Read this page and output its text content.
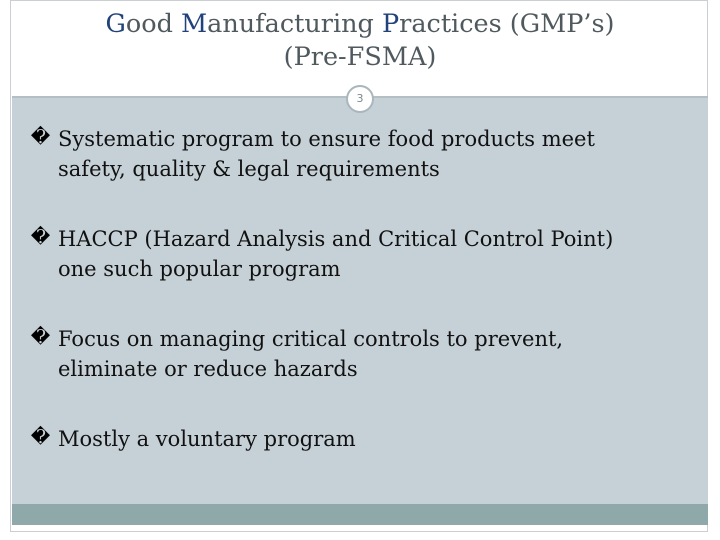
Good Manufacturing Practices (GMP’s)
(Pre-FSMA)
3
� Systematic program to ensure food products meet
safety, quality & legal requirements
� HACCP (Hazard Analysis and Critical Control Point)
one such popular program
� Focus on managing critical controls to prevent,
eliminate or reduce hazards
� Mostly a voluntary program
